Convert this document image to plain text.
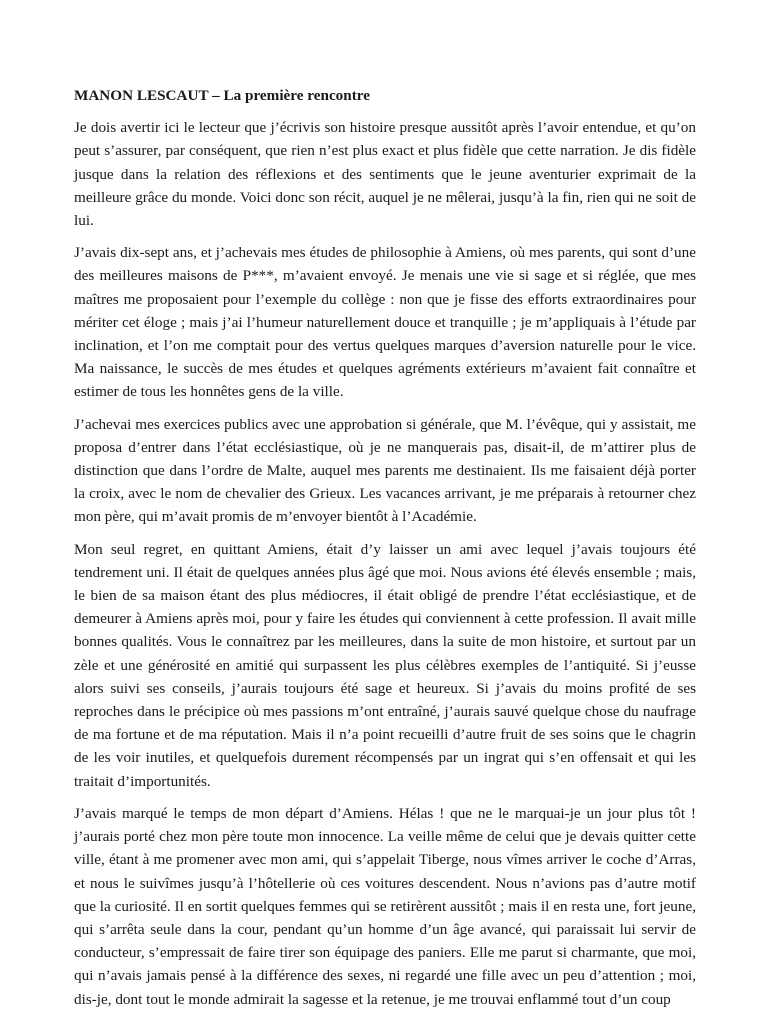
MANON LESCAUT – La première rencontre

Je dois avertir ici le lecteur que j’écrivis son histoire presque aussitôt après l’avoir entendue, et qu’on peut s’assurer, par conséquent, que rien n’est plus exact et plus fidèle que cette narration. Je dis fidèle jusque dans la relation des réflexions et des sentiments que le jeune aventurier exprimait de la meilleure grâce du monde. Voici donc son récit, auquel je ne mêlerai, jusqu’à la fin, rien qui ne soit de lui.

J’avais dix-sept ans, et j’achevais mes études de philosophie à Amiens, où mes parents, qui sont d’une des meilleures maisons de P***, m’avaient envoyé. Je menais une vie si sage et si réglée, que mes maîtres me proposaient pour l’exemple du collège : non que je fisse des efforts extraordinaires pour mériter cet éloge ; mais j’ai l’humeur naturellement douce et tranquille ; je m’appliquais à l’étude par inclination, et l’on me comptait pour des vertus quelques marques d’aversion naturelle pour le vice. Ma naissance, le succès de mes études et quelques agréments extérieurs m’avaient fait connaître et estimer de tous les honnêtes gens de la ville.

J’achevai mes exercices publics avec une approbation si générale, que M. l’évêque, qui y assistait, me proposa d’entrer dans l’état ecclésiastique, où je ne manquerais pas, disait-il, de m’attirer plus de distinction que dans l’ordre de Malte, auquel mes parents me destinaient. Ils me faisaient déjà porter la croix, avec le nom de chevalier des Grieux. Les vacances arrivant, je me préparais à retourner chez mon père, qui m’avait promis de m’envoyer bientôt à l’Académie.

Mon seul regret, en quittant Amiens, était d’y laisser un ami avec lequel j’avais toujours été tendrement uni. Il était de quelques années plus âgé que moi. Nous avions été élevés ensemble ; mais, le bien de sa maison étant des plus médiocres, il était obligé de prendre l’état ecclésiastique, et de demeurer à Amiens après moi, pour y faire les études qui conviennent à cette profession. Il avait mille bonnes qualités. Vous le connaîtrez par les meilleures, dans la suite de mon histoire, et surtout par un zèle et une générosité en amitié qui surpassent les plus célèbres exemples de l’antiquité. Si j’eusse alors suivi ses conseils, j’aurais toujours été sage et heureux. Si j’avais du moins profité de ses reproches dans le précipice où mes passions m’ont entraîné, j’aurais sauvé quelque chose du naufrage de ma fortune et de ma réputation. Mais il n’a point recueilli d’autre fruit de ses soins que le chagrin de les voir inutiles, et quelquefois durement récompensés par un ingrat qui s’en offensait et qui les traitait d’importunités.

J’avais marqué le temps de mon départ d’Amiens. Hélas ! que ne le marquai-je un jour plus tôt ! j’aurais porté chez mon père toute mon innocence. La veille même de celui que je devais quitter cette ville, étant à me promener avec mon ami, qui s’appelait Tiberge, nous vîmes arriver le coche d’Arras, et nous le suivîmes jusqu’à l’hôtellerie où ces voitures descendent. Nous n’avions pas d’autre motif que la curiosité. Il en sortit quelques femmes qui se retirèrent aussitôt ; mais il en resta une, fort jeune, qui s’arrêta seule dans la cour, pendant qu’un homme d’un âge avancé, qui paraissait lui servir de conducteur, s’empressait de faire tirer son équipage des paniers. Elle me parut si charmante, que moi, qui n’avais jamais pensé à la différence des sexes, ni regardé une fille avec un peu d’attention ; moi, dis-je, dont tout le monde admirait la sagesse et la retenue, je me trouvai enflammé tout d’un coup
